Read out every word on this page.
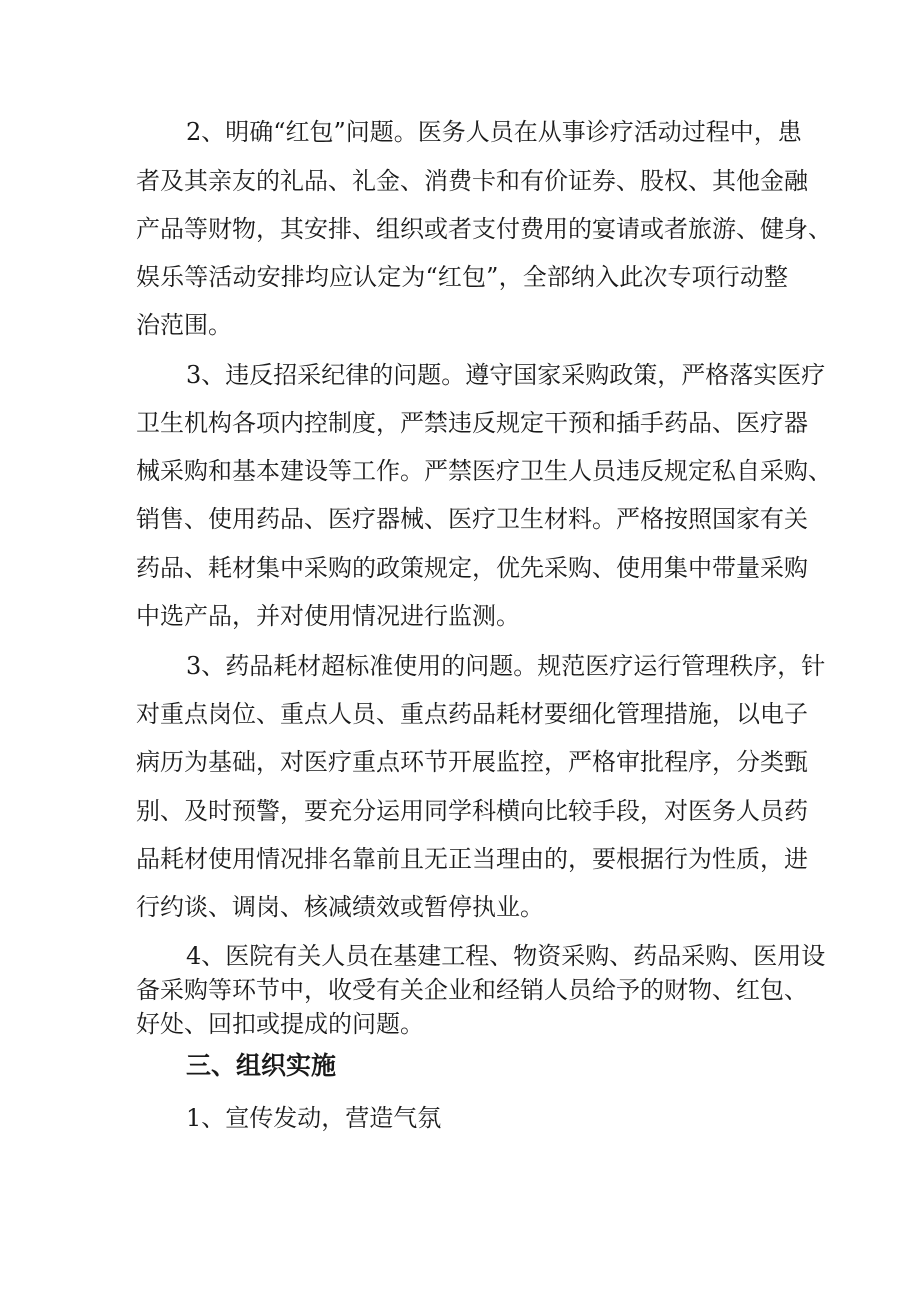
2、明确“红包”问题。医务人员在从事诊疗活动过程中，患
者及其亲友的礼品、礼金、消费卡和有价证券、股权、其他金融
产品等财物，其安排、组织或者支付费用的宴请或者旅游、健身、
娱乐等活动安排均应认定为“红包”，全部纳入此次专项行动整
治范围。
3、违反招采纪律的问题。遵守国家采购政策，严格落实医疗
卫生机构各项内控制度，严禁违反规定干预和插手药品、医疗器
械采购和基本建设等工作。严禁医疗卫生人员违反规定私自采购、
销售、使用药品、医疗器械、医疗卫生材料。严格按照国家有关
药品、耗材集中采购的政策规定，优先采购、使用集中带量采购
中选产品，并对使用情况进行监测。
3、药品耗材超标准使用的问题。规范医疗运行管理秩序，针
对重点岗位、重点人员、重点药品耗材要细化管理措施，以电子
病历为基础，对医疗重点环节开展监控，严格审批程序，分类甄
别、及时预警，要充分运用同学科横向比较手段，对医务人员药
品耗材使用情况排名靠前且无正当理由的，要根据行为性质，进
行约谈、调岗、核减绩效或暂停执业。
4、医院有关人员在基建工程、物资采购、药品采购、医用设
备采购等环节中，收受有关企业和经销人员给予的财物、红包、
好处、回扣或提成的问题。
三、组织实施
1、宣传发动，营造气氛
